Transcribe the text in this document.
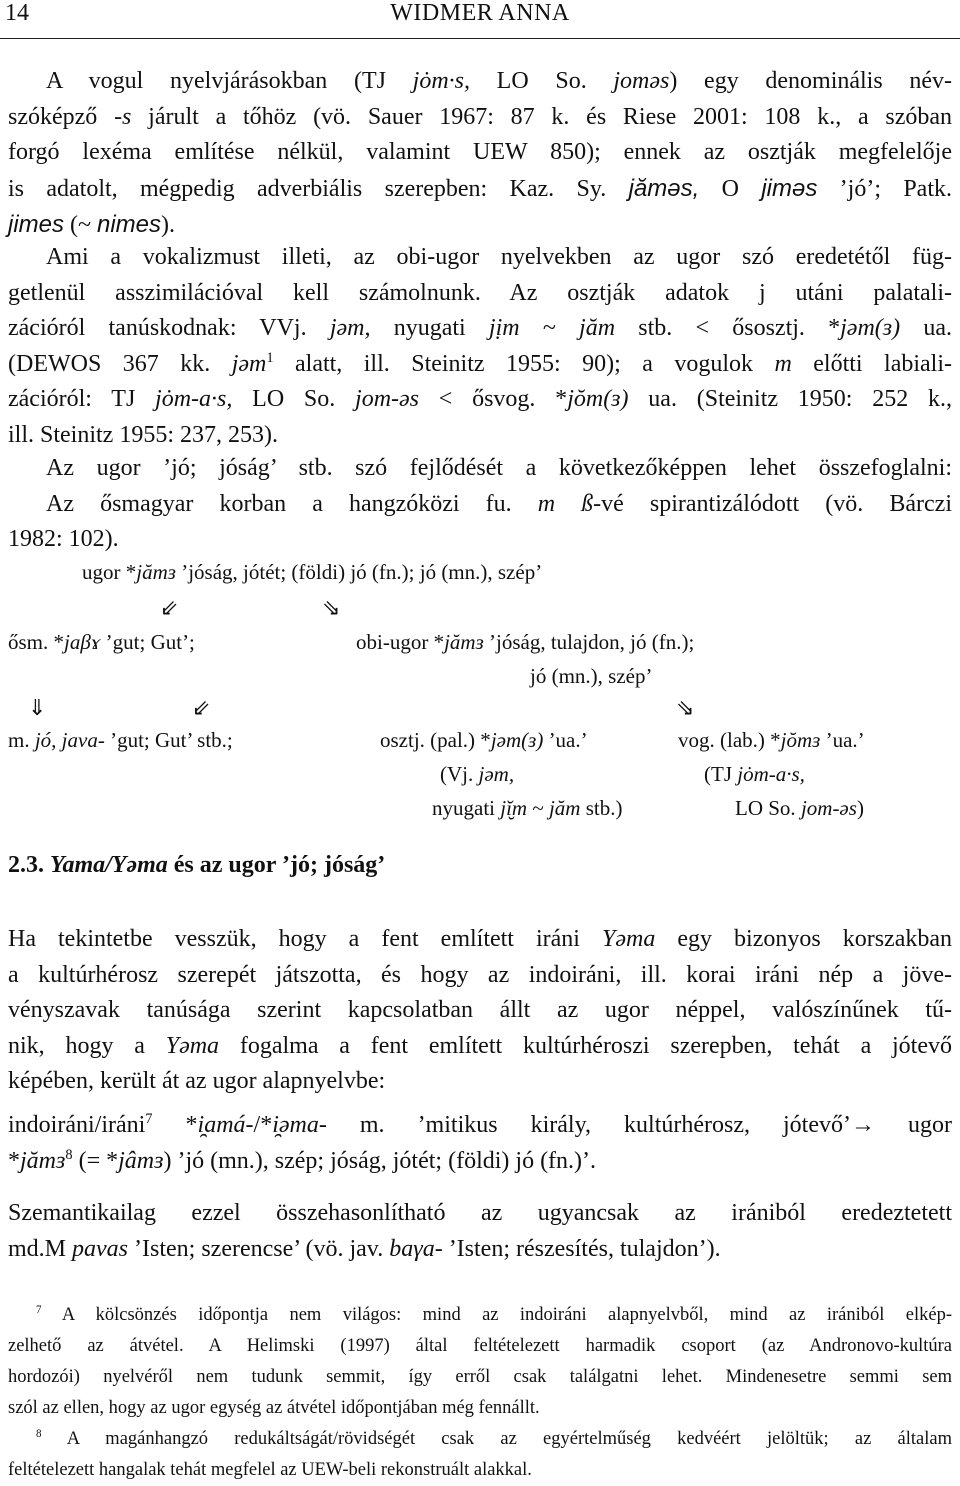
14	WIDMER ANNA
A vogul nyelvjárásokban (TJ jȯm·s, LO So. joməs) egy denominális név-
szóképző -s járult a tőhöz (vö. Sauer 1967: 87 k. és Riese 2001: 108 k., a szóban
forgó lexéma említése nélkül, valamint UEW 850); ennek az osztják megfelelője
is adatolt, mégpedig adverbiális szerepben: Kaz. Sy. jăməs, O jiməs ’jó’; Patk.
jimes (~ nimes).
Ami a vokalizmust illeti, az obi-ugor nyelvekben az ugor szó eredetétől füg-
getlenül asszimilációval kell számolnunk. Az osztják adatok j utáni palatali-
zációról tanúskodnak: VVj. jəm, nyugati jịm ~ jăm stb. < ősosztj. *jəm(ɜ) ua.
(DEWOS 367 kk. jəm$^1$ alatt, ill. Steinitz 1955: 90); a vogulok m előtti labiali-
zációról: TJ jȯm-a·s, LO So. jom-əs < ősvog. *jŏm(ɜ) ua. (Steinitz 1950: 252 k.,
ill. Steinitz 1955: 237, 253).
Az ugor ’jó; jóság’ stb. szó fejlődését a következőképpen lehet összefoglalni:
Az ősmagyar korban a hangzóközi fu. m ß-vé spirantizálódott (vö. Bárczi
1982: 102).
ugor *jămɜ ’jóság, jótét; (földi) jó (fn.); jó (mn.), szép’
⇙	⇘
ősm. *jaβɤ ’gut; Gut’;	obi-ugor *jămɜ ’jóság, tulajdon, jó (fn.);
jó (mn.), szép’
⇓	⇙	⇘
m. jó, java- ’gut; Gut’ stb.;	osztj. (pal.) *jəm(ɜ) ’ua.’	vog. (lab.) *jŏmɜ ’ua.’
(Vj. jəm,	(TJ jȯm-a·s,
nyugati jĭ̮m ~ jăm stb.)	LO So. jom-əs)
2.3. Yama/Yəma és az ugor ’jó; jóság’
Ha tekintetbe vesszük, hogy a fent említett iráni Yəma egy bizonyos korszakban
a kultúrhérosz szerepét játszotta, és hogy az indoiráni, ill. korai iráni nép a jöve-
vényszavak tanúsága szerint kapcsolatban állt az ugor néppel, valószínűnek tű-
nik, hogy a Yəma fogalma a fent említett kultúrhéroszi szerepben, tehát a jótevő
képében, került át az ugor alapnyelvbe:
indoiráni/iráni$^7$ *i̯amá-/*i̯əma- m. ’mitikus király, kultúrhérosz, jótevő’→ ugor
*jămɜ$^8$ (= *jâmɜ) ’jó (mn.), szép; jóság, jótét; (földi) jó (fn.)’.
Szemantikailag ezzel összehasonlítható az ugyancsak az irániból eredeztetett
md.M pavas ’Isten; szerencse’ (vö. jav. baγa- ’Isten; részesítés, tulajdon’).
$^7$ A kölcsönzés időpontja nem világos: mind az indoiráni alapnyelvből, mind az irániból elkép-
zelhető az átvétel. A Helimski (1997) által feltételezett harmadik csoport (az Andronovo-kultúra
hordozói) nyelvéről nem tudunk semmit, így erről csak találgatni lehet. Mindenesetre semmi sem
szól az ellen, hogy az ugor egység az átvétel időpontjában még fennállt.
$^8$ A magánhangzó redukáltságát/rövidségét csak az egyértelműség kedvéért jelöltük; az általam
feltételezett hangalak tehát megfelel az UEW-beli rekonstruált alakkal.
